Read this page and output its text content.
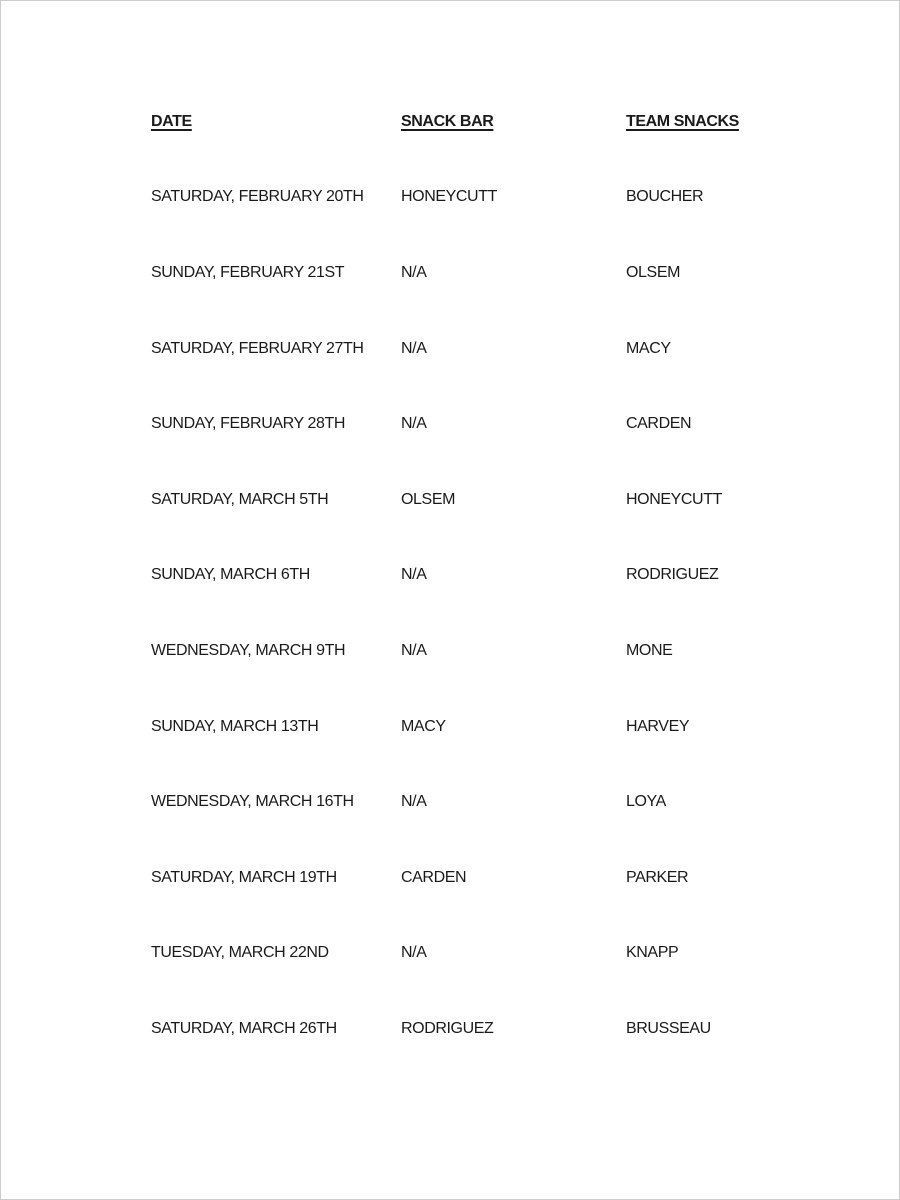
DATE	SNACK BAR	TEAM SNACKS
SATURDAY, FEBRUARY 20TH	HONEYCUTT	BOUCHER
SUNDAY, FEBRUARY 21ST	N/A	OLSEM
SATURDAY, FEBRUARY 27TH	N/A	MACY
SUNDAY, FEBRUARY 28TH	N/A	CARDEN
SATURDAY, MARCH 5TH	OLSEM	HONEYCUTT
SUNDAY, MARCH 6TH	N/A	RODRIGUEZ
WEDNESDAY, MARCH 9TH	N/A	MONE
SUNDAY, MARCH 13TH	MACY	HARVEY
WEDNESDAY, MARCH 16TH	N/A	LOYA
SATURDAY, MARCH 19TH	CARDEN	PARKER
TUESDAY, MARCH 22ND	N/A	KNAPP
SATURDAY, MARCH 26TH	RODRIGUEZ	BRUSSEAU
